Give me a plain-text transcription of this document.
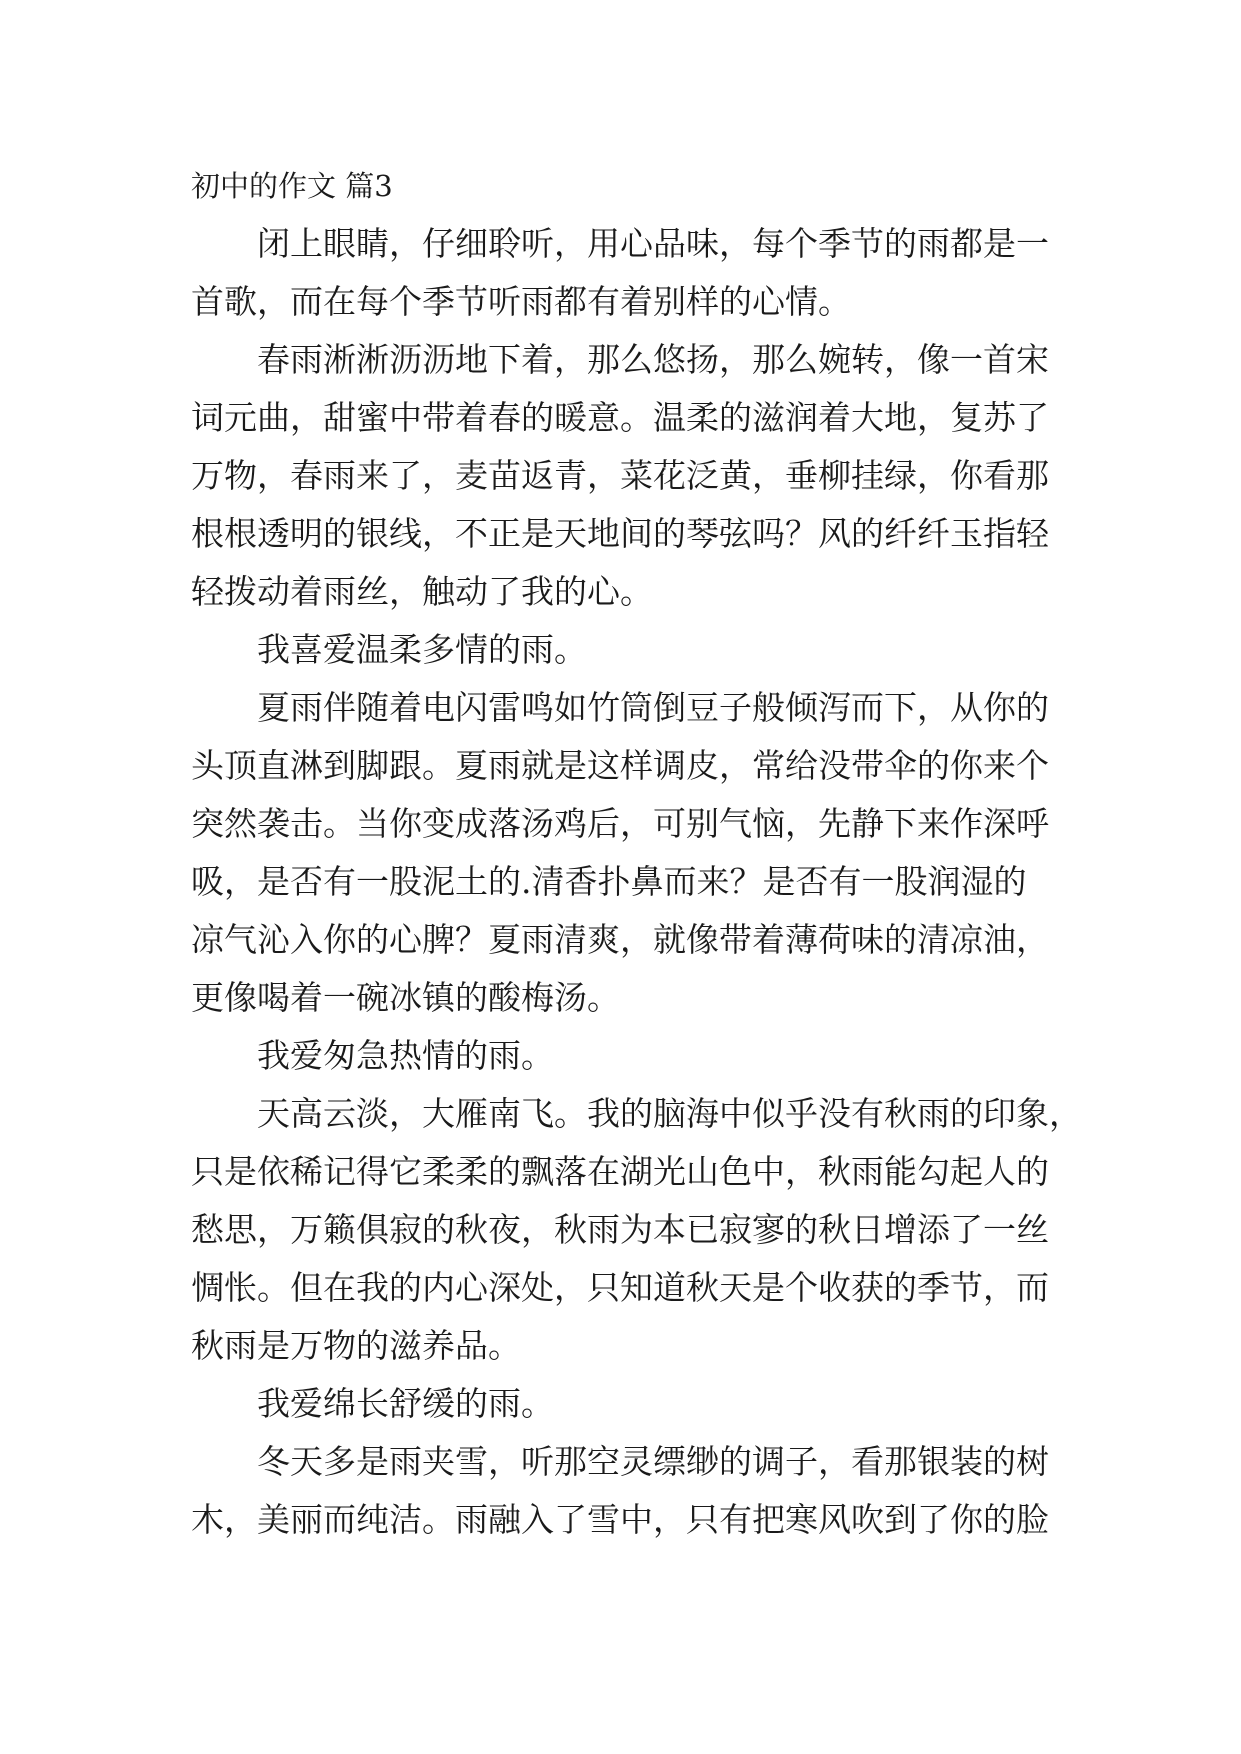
初中的作文 篇3
闭上眼睛，仔细聆听，用心品味，每个季节的雨都是一
首歌，而在每个季节听雨都有着别样的心情。
春雨淅淅沥沥地下着，那么悠扬，那么婉转，像一首宋
词元曲，甜蜜中带着春的暖意。温柔的滋润着大地，复苏了
万物，春雨来了，麦苗返青，菜花泛黄，垂柳挂绿，你看那
根根透明的银线，不正是天地间的琴弦吗？风的纤纤玉指轻
轻拨动着雨丝，触动了我的心。
我喜爱温柔多情的雨。
夏雨伴随着电闪雷鸣如竹筒倒豆子般倾泻而下，从你的
头顶直淋到脚跟。夏雨就是这样调皮，常给没带伞的你来个
突然袭击。当你变成落汤鸡后，可别气恼，先静下来作深呼
吸，是否有一股泥土的.清香扑鼻而来？是否有一股润湿的
凉气沁入你的心脾？夏雨清爽，就像带着薄荷味的清凉油，
更像喝着一碗冰镇的酸梅汤。
我爱匆急热情的雨。
天高云淡，大雁南飞。我的脑海中似乎没有秋雨的印象，
只是依稀记得它柔柔的飘落在湖光山色中，秋雨能勾起人的
愁思，万籁俱寂的秋夜，秋雨为本已寂寥的秋日增添了一丝
惆怅。但在我的内心深处，只知道秋天是个收获的季节，而
秋雨是万物的滋养品。
我爱绵长舒缓的雨。
冬天多是雨夹雪，听那空灵缥缈的调子，看那银装的树
木，美丽而纯洁。雨融入了雪中，只有把寒风吹到了你的脸
